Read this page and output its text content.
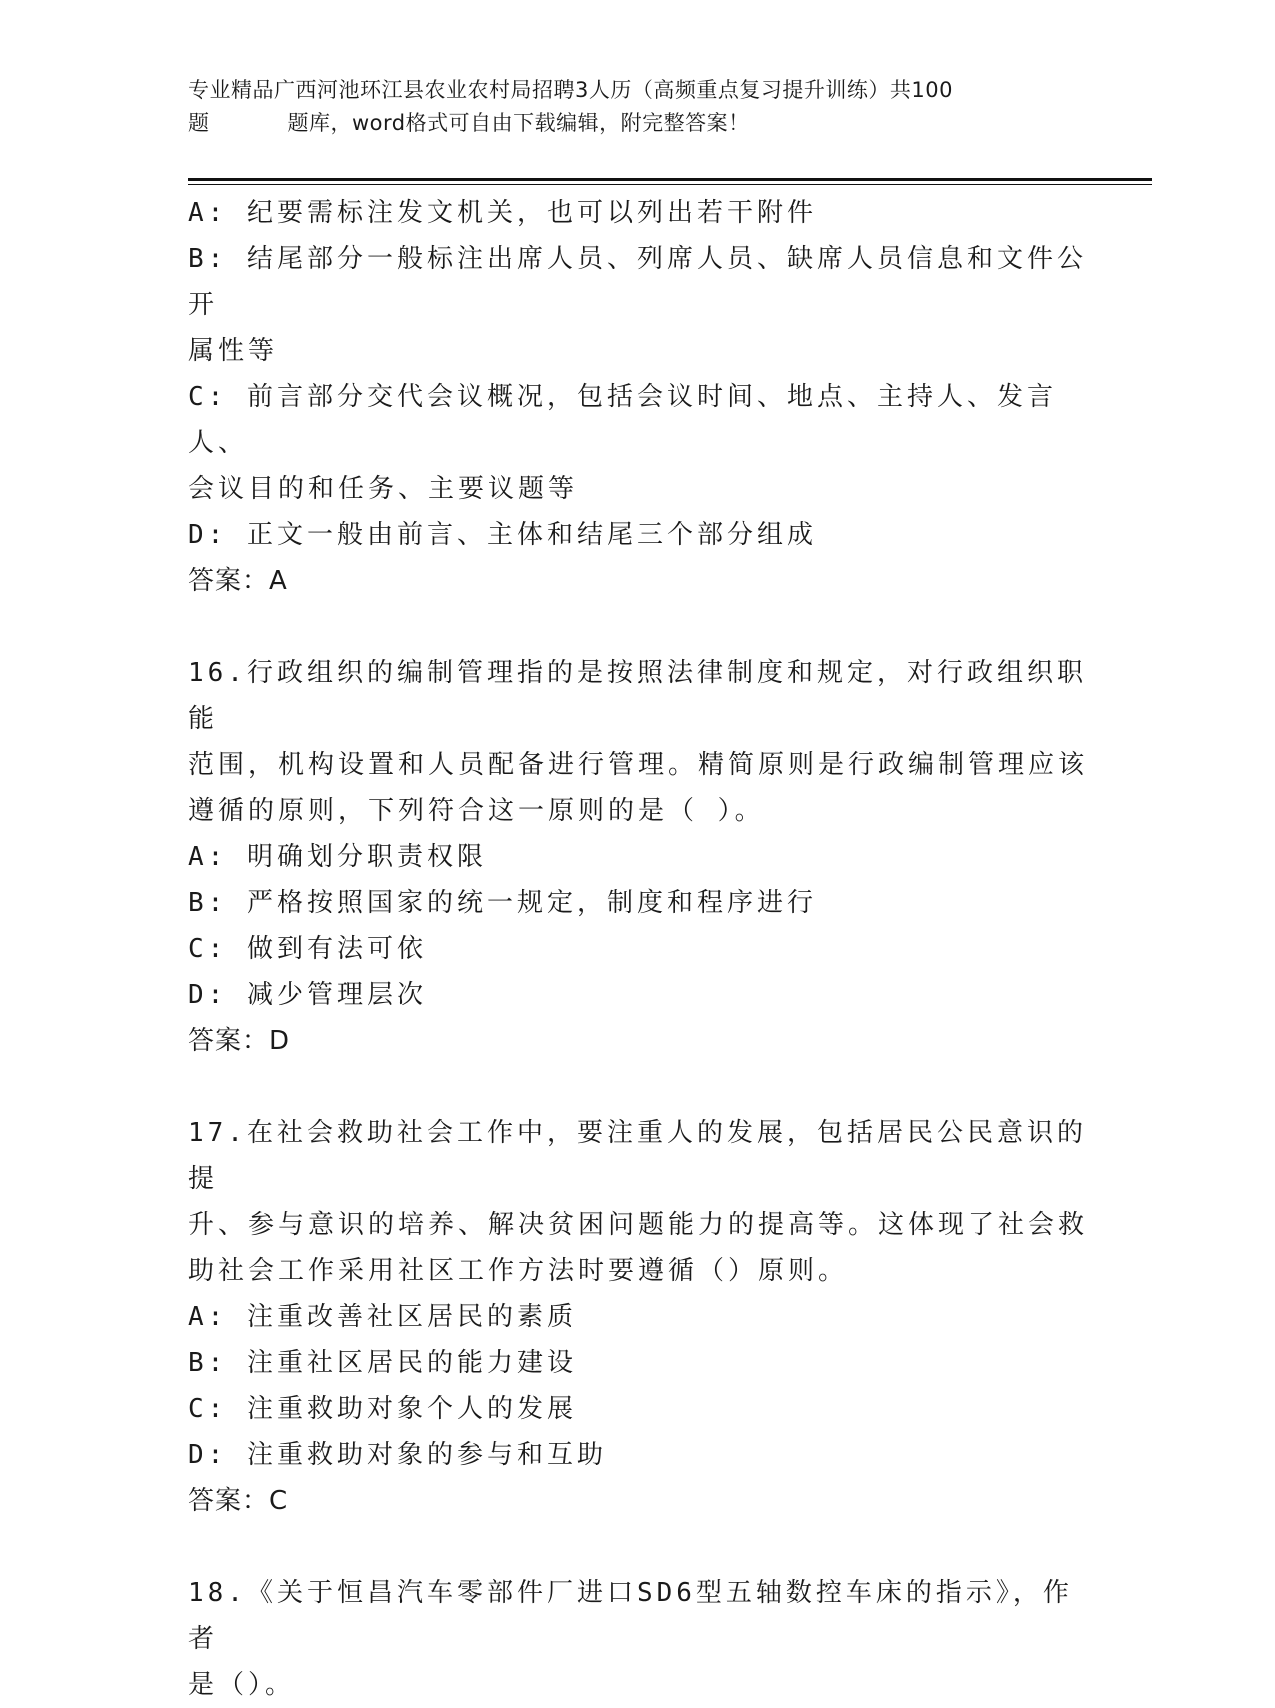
专业精品广西河池环江县农业农村局招聘3人历（高频重点复习提升训练）共100
题	题库，word格式可自由下载编辑，附完整答案！

A: 纪要需标注发文机关，也可以列出若干附件

B: 结尾部分一般标注出席人员、列席人员、缺席人员信息和文件公开

属性等

C: 前言部分交代会议概况，包括会议时间、地点、主持人、发言人、

会议目的和任务、主要议题等

D: 正文一般由前言、主体和结尾三个部分组成

答案：A

16.行政组织的编制管理指的是按照法律制度和规定，对行政组织职能

范围，机构设置和人员配备进行管理。精简原则是行政编制管理应该

遵循的原则，下列符合这一原则的是（ ）。

A: 明确划分职责权限

B: 严格按照国家的统一规定，制度和程序进行

C: 做到有法可依

D: 减少管理层次

答案：D

17.在社会救助社会工作中，要注重人的发展，包括居民公民意识的提

升、参与意识的培养、解决贫困问题能力的提高等。这体现了社会救

助社会工作采用社区工作方法时要遵循（）原则。

A: 注重改善社区居民的素质

B: 注重社区居民的能力建设

C: 注重救助对象个人的发展

D: 注重救助对象的参与和互助

答案：C

18.《关于恒昌汽车零部件厂进口SD6型五轴数控车床的指示》，作者

是（）。
